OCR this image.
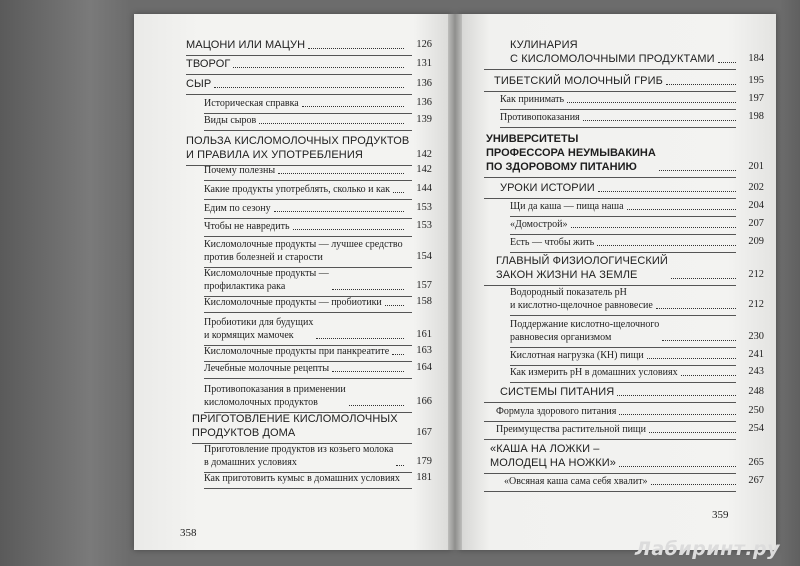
МАЦОНИ ИЛИ МАЦУН	126
ТВОРОГ	131
СЫР	136
Историческая справка	136
Виды сыров	139
ПОЛЬЗА КИСЛОМОЛОЧНЫХ ПРОДУКТОВ
И ПРАВИЛА ИХ УПОТРЕБЛЕНИЯ	142
Почему полезны	142
Какие продукты употреблять, сколько и как	144
Едим по сезону	153
Чтобы не навредить	153
Кисломолочные продукты — лучшее средство
против болезней и старости	154
Кисломолочные продукты —
профилактика рака	157
Кисломолочные продукты — пробиотики	158
Пробиотики для будущих
и кормящих мамочек	161
Кисломолочные продукты при панкреатите	163
Лечебные молочные рецепты	164
Противопоказания в применении
кисломолочных продуктов	166
ПРИГОТОВЛЕНИЕ КИСЛОМОЛОЧНЫХ
ПРОДУКТОВ ДОМА	167
Приготовление продуктов из козьего молока
в домашних условиях	179
Как приготовить кумыс в домашних условиях	181
КУЛИНАРИЯ
С КИСЛОМОЛОЧНЫМИ ПРОДУКТАМИ	184
ТИБЕТСКИЙ МОЛОЧНЫЙ ГРИБ	195
Как принимать	197
Противопоказания	198
УНИВЕРСИТЕТЫ
ПРОФЕССОРА НЕУМЫВАКИНА
ПО ЗДОРОВОМУ ПИТАНИЮ	201
УРОКИ ИСТОРИИ	202
Щи да каша — пища наша	204
«Домострой»	207
Есть — чтобы жить	209
ГЛАВНЫЙ ФИЗИОЛОГИЧЕСКИЙ
ЗАКОН ЖИЗНИ НА ЗЕМЛЕ	212
Водородный показатель рН
и кислотно-щелочное равновесие	212
Поддержание кислотно-щелочного
равновесия организмом	230
Кислотная нагрузка (КН) пищи	241
Как измерить рН в домашних условиях	243
СИСТЕМЫ ПИТАНИЯ	248
Формула здорового питания	250
Преимущества растительной пищи	254
«КАША НА ЛОЖКИ –
МОЛОДЕЦ НА НОЖКИ»	265
«Овсяная каша сама себя хвалит»	267
358
359
Лабиринт.ру
